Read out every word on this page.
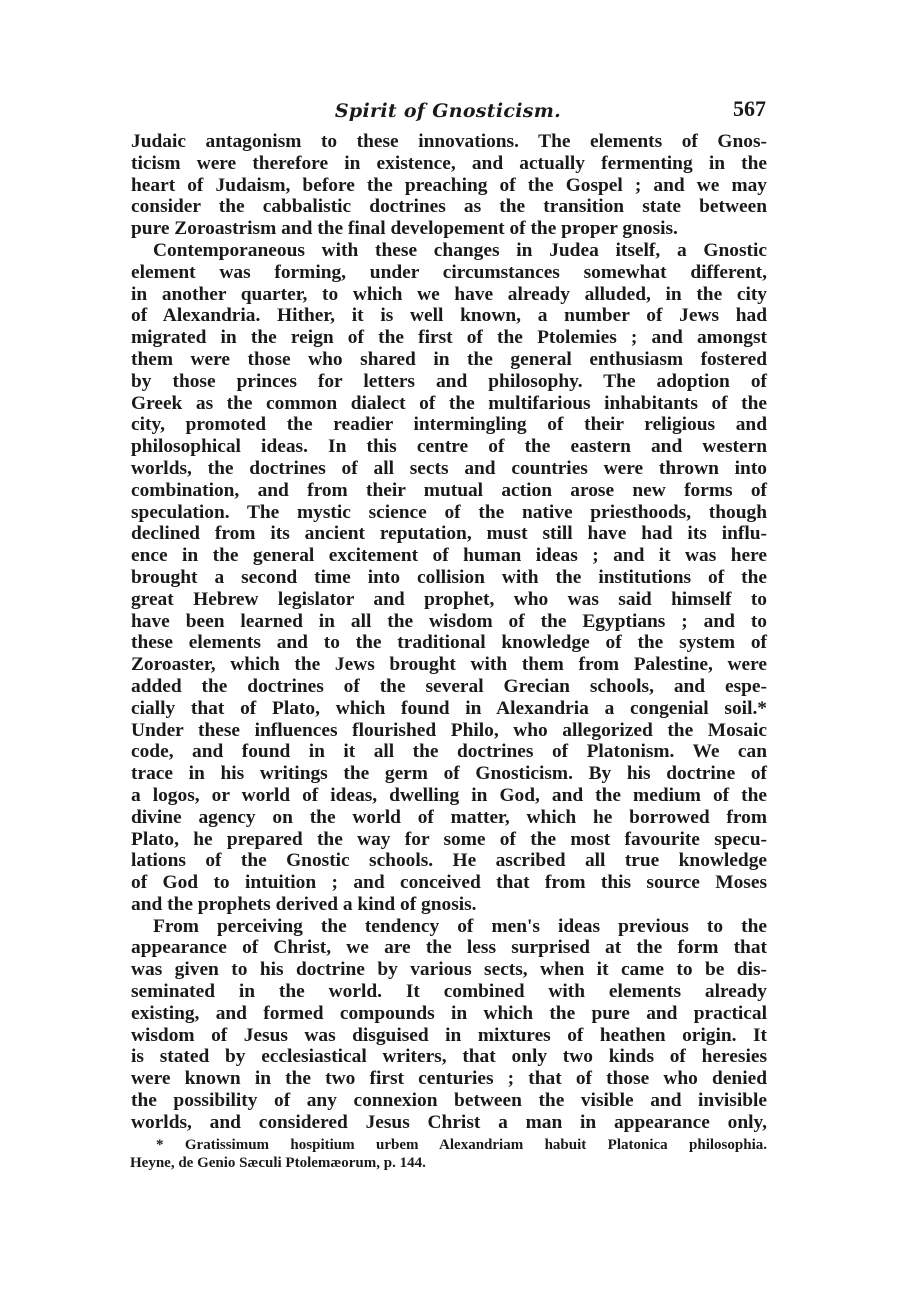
Spirit of Gnosticism.	567
Judaic antagonism to these innovations. The elements of Gnos-
ticism were therefore in existence, and actually fermenting in the
heart of Judaism, before the preaching of the Gospel ; and we may
consider the cabbalistic doctrines as the transition state between
pure Zoroastrism and the final developement of the proper gnosis.
Contemporaneous with these changes in Judea itself, a Gnostic
element was forming, under circumstances somewhat different,
in another quarter, to which we have already alluded, in the city
of Alexandria. Hither, it is well known, a number of Jews had
migrated in the reign of the first of the Ptolemies ; and amongst
them were those who shared in the general enthusiasm fostered
by those princes for letters and philosophy. The adoption of
Greek as the common dialect of the multifarious inhabitants of the
city, promoted the readier intermingling of their religious and
philosophical ideas. In this centre of the eastern and western
worlds, the doctrines of all sects and countries were thrown into
combination, and from their mutual action arose new forms of
speculation. The mystic science of the native priesthoods, though
declined from its ancient reputation, must still have had its influ-
ence in the general excitement of human ideas ; and it was here
brought a second time into collision with the institutions of the
great Hebrew legislator and prophet, who was said himself to
have been learned in all the wisdom of the Egyptians ; and to
these elements and to the traditional knowledge of the system of
Zoroaster, which the Jews brought with them from Palestine, were
added the doctrines of the several Grecian schools, and espe-
cially that of Plato, which found in Alexandria a congenial soil.*
Under these influences flourished Philo, who allegorized the Mosaic
code, and found in it all the doctrines of Platonism. We can
trace in his writings the germ of Gnosticism. By his doctrine of
a logos, or world of ideas, dwelling in God, and the medium of the
divine agency on the world of matter, which he borrowed from
Plato, he prepared the way for some of the most favourite specu-
lations of the Gnostic schools. He ascribed all true knowledge
of God to intuition ; and conceived that from this source Moses
and the prophets derived a kind of gnosis.
From perceiving the tendency of men's ideas previous to the
appearance of Christ, we are the less surprised at the form that
was given to his doctrine by various sects, when it came to be dis-
seminated in the world. It combined with elements already
existing, and formed compounds in which the pure and practical
wisdom of Jesus was disguised in mixtures of heathen origin. It
is stated by ecclesiastical writers, that only two kinds of heresies
were known in the two first centuries ; that of those who denied
the possibility of any connexion between the visible and invisible
worlds, and considered Jesus Christ a man in appearance only,
* Gratissimum hospitium urbem Alexandriam habuit Platonica philosophia.
Heyne, de Genio Sæculi Ptolemæorum, p. 144.
